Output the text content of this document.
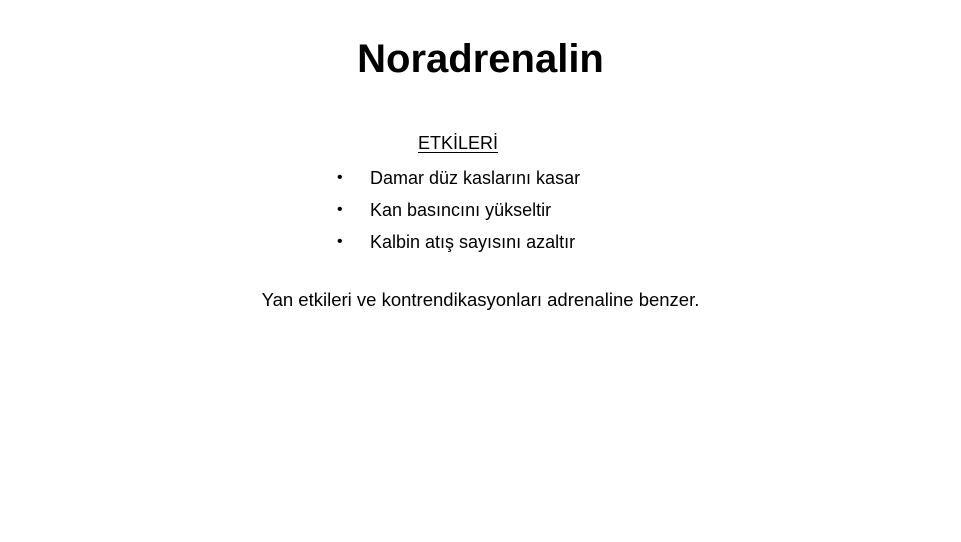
Noradrenalin

ETKİLERİ

• Damar düz kaslarını kasar
• Kan basıncını yükseltir
• Kalbin atış sayısını azaltır

Yan etkileri ve kontrendikasyonları adrenaline benzer.
